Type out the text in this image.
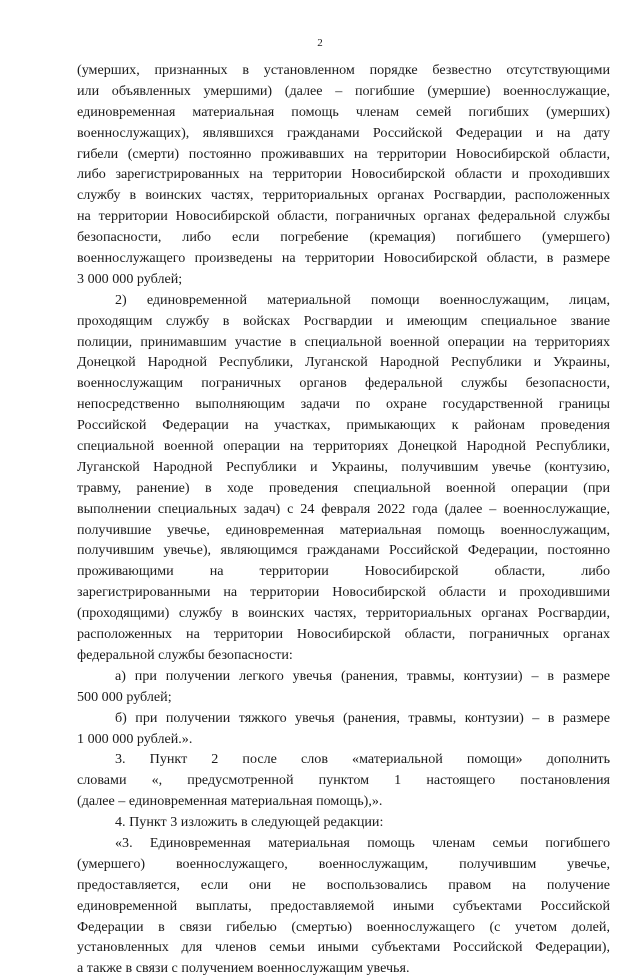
2
(умерших, признанных в установленном порядке безвестно отсутствующими
или объявленных умершими) (далее – погибшие (умершие) военнослужащие,
единовременная материальная помощь членам семей погибших (умерших)
военнослужащих), являвшихся гражданами Российской Федерации и на дату
гибели (смерти) постоянно проживавших на территории Новосибирской области,
либо зарегистрированных на территории Новосибирской области и проходивших
службу в воинских частях, территориальных органах Росгвардии, расположенных
на территории Новосибирской области, пограничных органах федеральной службы
безопасности, либо если погребение (кремация) погибшего (умершего)
военнослужащего произведены на территории Новосибирской области, в размере
3 000 000 рублей;
2) единовременной материальной помощи военнослужащим, лицам,
проходящим службу в войсках Росгвардии и имеющим специальное звание
полиции, принимавшим участие в специальной военной операции на территориях
Донецкой Народной Республики, Луганской Народной Республики и Украины,
военнослужащим пограничных органов федеральной службы безопасности,
непосредственно выполняющим задачи по охране государственной границы
Российской Федерации на участках, примыкающих к районам проведения
специальной военной операции на территориях Донецкой Народной Республики,
Луганской Народной Республики и Украины, получившим увечье (контузию,
травму, ранение) в ходе проведения специальной военной операции (при
выполнении специальных задач) с 24 февраля 2022 года (далее – военнослужащие,
получившие увечье, единовременная материальная помощь военнослужащим,
получившим увечье), являющимся гражданами Российской Федерации, постоянно
проживающими на территории Новосибирской области, либо
зарегистрированными на территории Новосибирской области и проходившими
(проходящими) службу в воинских частях, территориальных органах Росгвардии,
расположенных на территории Новосибирской области, пограничных органах
федеральной службы безопасности:
а) при получении легкого увечья (ранения, травмы, контузии) – в размере
500 000 рублей;
б) при получении тяжкого увечья (ранения, травмы, контузии) – в размере
1 000 000 рублей.».
3. Пункт 2 после слов «материальной помощи» дополнить
словами «, предусмотренной пунктом 1 настоящего постановления
(далее – единовременная материальная помощь),».
4. Пункт 3 изложить в следующей редакции:
«3. Единовременная материальная помощь членам семьи погибшего
(умершего) военнослужащего, военнослужащим, получившим увечье,
предоставляется, если они не воспользовались правом на получение
единовременной выплаты, предоставляемой иными субъектами Российской
Федерации в связи гибелью (смертью) военнослужащего (с учетом долей,
установленных для членов семьи иными субъектами Российской Федерации),
а также в связи с получением военнослужащим увечья.
